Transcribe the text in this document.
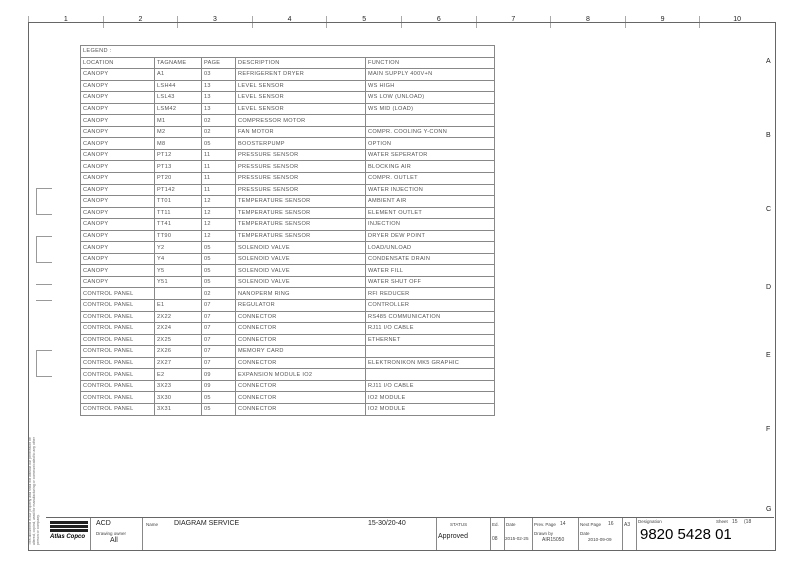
1	2	3	4	5	6	7	8	9	10
A
B
C
D
E
F
G
This document is our property and shall not without our permission be altered, copied, used for manufacturing or communicated to any other person or company.
LEGEND :				
LOCATION	TAGNAME	PAGE	DESCRIPTION	FUNCTION
CANOPY	A1	03	REFRIGERENT DRYER	MAIN SUPPLY 400V+N
CANOPY	LSH44	13	LEVEL SENSOR	WS HIGH
CANOPY	LSL43	13	LEVEL SENSOR	WS LOW (UNLOAD)
CANOPY	LSM42	13	LEVEL SENSOR	WS MID (LOAD)
CANOPY	M1	02	COMPRESSOR MOTOR	
CANOPY	M2	02	FAN MOTOR	COMPR. COOLING Y-CONN
CANOPY	M8	05	BOOSTERPUMP	OPTION
CANOPY	PT12	11	PRESSURE SENSOR	WATER SEPERATOR
CANOPY	PT13	11	PRESSURE SENSOR	BLOCKING AIR
CANOPY	PT20	11	PRESSURE SENSOR	COMPR. OUTLET
CANOPY	PT142	11	PRESSURE SENSOR	WATER INJECTION
CANOPY	TT01	12	TEMPERATURE SENSOR	AMBIENT AIR
CANOPY	TT11	12	TEMPERATURE SENSOR	ELEMENT OUTLET
CANOPY	TT41	12	TEMPERATURE SENSOR	INJECTION
CANOPY	TT90	12	TEMPERATURE SENSOR	DRYER DEW POINT
CANOPY	Y2	05	SOLENOID VALVE	LOAD/UNLOAD
CANOPY	Y4	05	SOLENOID VALVE	CONDENSATE DRAIN
CANOPY	Y5	05	SOLENOID VALVE	WATER FILL
CANOPY	Y51	05	SOLENOID VALVE	WATER SHUT OFF
CONTROL PANEL		02	NANOPERM RING	RFI REDUCER
CONTROL PANEL	E1	07	REGULATOR	CONTROLLER
CONTROL PANEL	2X22	07	CONNECTOR	RS485 COMMUNICATION
CONTROL PANEL	2X24	07	CONNECTOR	RJ11 I/O CABLE
CONTROL PANEL	2X25	07	CONNECTOR	ETHERNET
CONTROL PANEL	2X26	07	MEMORY CARD	
CONTROL PANEL	2X27	07	CONNECTOR	ELEKTRONIKON MK5 GRAPHIC
CONTROL PANEL	E2	09	EXPANSION MODULE IO2	
CONTROL PANEL	3X23	09	CONNECTOR	RJ11 I/O CABLE
CONTROL PANEL	3X30	05	CONNECTOR	IO2 MODULE
CONTROL PANEL	3X31	05	CONNECTOR	IO2 MODULE
Atlas Copco
ACD
Drawing owner
All
Name DIAGRAM SERVICE	15-30/20-40	STATUS
Approved
Ed.
08
Date
2015-02-25
Prev. Page 14
Drawn by
AIR15050
Next Page 16
Date
2010-09-09
A3
Designation	Sheet 15 (18
9820 5428 01
